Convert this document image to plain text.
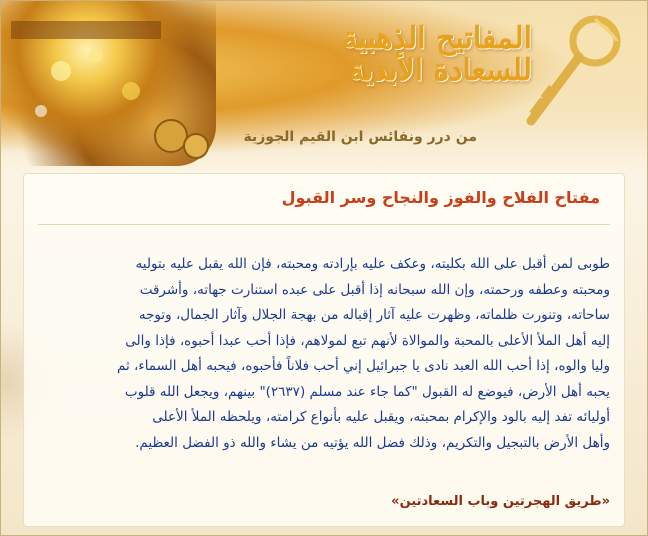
المفاتيح الذهبية
للسعادة الأبدية
من درر ونفائس ابن القيم الجوزية
مفتاح الفلاح والفوز والنجاح وسر القبول
طوبى لمن أقبل على الله بكليته، وعكف عليه بإرادته ومحبته، فإن الله يقبل عليه بتوليه
ومحبته وعطفه ورحمته، وإن الله سبحانه إذا أقبل على عبده استنارت جهاته، وأشرقت
ساحاته، وتنورت ظلماته، وظهرت عليه آثار إقباله من بهجة الجلال وآثار الجمال، وتوجه
إليه أهل الملأ الأعلى بالمحبة والموالاة لأنهم تبع لمولاهم، فإذا أحب عبدا أحبوه، فإذا والى
وليا والوه، إذا أحب الله العبد نادى يا جبرائيل إني أحب فلاناً فأحبوه، فيحبه أهل السماء، ثم
يحبه أهل الأرض، فيوضع له القبول "كما جاء عند مسلم (٢٦٣٧)" بينهم، ويجعل الله قلوب
أوليائه تفد إليه بالود والإكرام بمحبته، ويقبل عليه بأنواع كرامته، ويلحظه الملأ الأعلى
وأهل الأرض بالتبجيل والتكريم، وذلك فضل الله يؤتيه من يشاء والله ذو الفضل العظيم.
«طريق الهجرتين وباب السعادتين»
